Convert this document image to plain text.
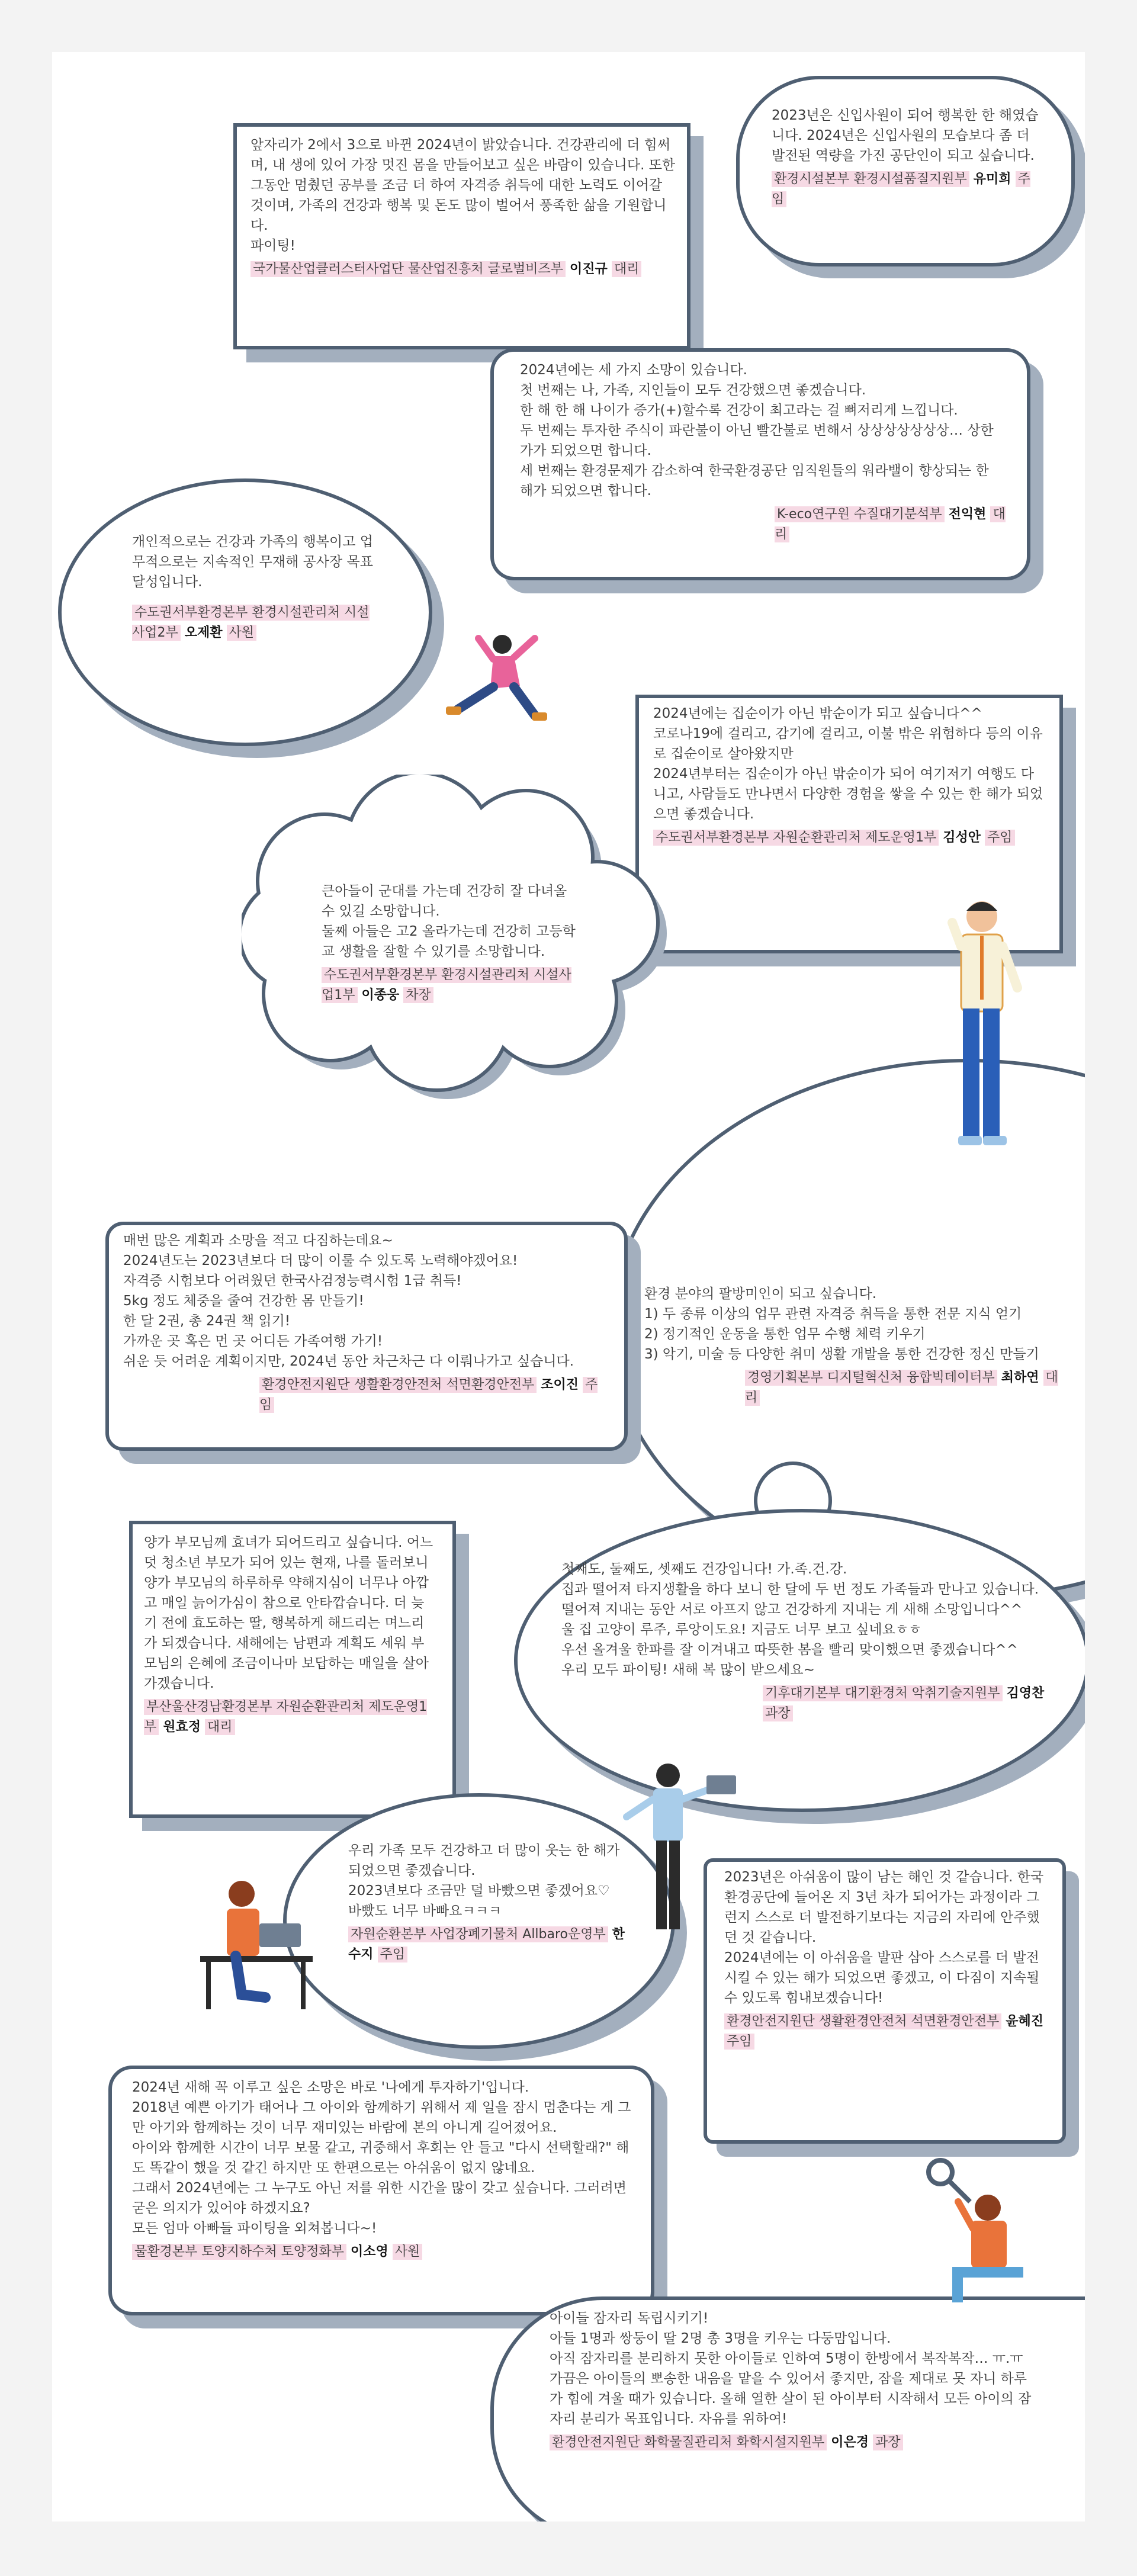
앞자리가 2에서 3으로 바뀐 2024년이 밝았습니다. 건강관리에 더 힘써며, 내 생에 있어 가장 멋진 몸을 만들어보고 싶은 바람이 있습니다. 또한 그동안 멈췄던 공부를 조금 더 하여 자격증 취득에 대한 노력도 이어갈 것이며, 가족의 건강과 행복 및 돈도 많이 벌어서 풍족한 삶을 기원합니다.

파이팅!

국가물산업클러스터사업단 물산업진흥처 글로벌비즈부 이진규 대리

2023년은 신입사원이 되어 행복한 한 해였습니다. 2024년은 신입사원의 모습보다 좀 더 발전된 역량을 가진 공단인이 되고 싶습니다.

환경시설본부 환경시설품질지원부 유미희 주임

2024년에는 세 가지 소망이 있습니다.

첫 번째는 나, 가족, 지인들이 모두 건강했으면 좋겠습니다.

한 해 한 해 나이가 증가(+)할수록 건강이 최고라는 걸 뼈저리게 느낍니다.

두 번째는 투자한 주식이 파란불이 아닌 빨간불로 변해서 상상상상상상상… 상한가가 되었으면 합니다.

세 번째는 환경문제가 감소하여 한국환경공단 임직원들의 워라밸이 향상되는 한 해가 되었으면 합니다.

K-eco연구원 수질대기분석부 전익현 대리

개인적으로는 건강과 가족의 행복이고 업무적으로는 지속적인 무재해 공사장 목표 달성입니다.

수도권서부환경본부 환경시설관리처 시설사업2부 오제환 사원

2024년에는 집순이가 아닌 밖순이가 되고 싶습니다^^

코로나19에 걸리고, 감기에 걸리고, 이불 밖은 위험하다 등의 이유로 집순이로 살아왔지만

2024년부터는 집순이가 아닌 밖순이가 되어 여기저기 여행도 다니고, 사람들도 만나면서 다양한 경험을 쌓을 수 있는 한 해가 되었으면 좋겠습니다.

수도권서부환경본부 자원순환관리처 제도운영1부 김성안 주임

큰아들이 군대를 가는데 건강히 잘 다녀올 수 있길 소망합니다.

둘째 아들은 고2 올라가는데 건강히 고등학교 생활을 잘할 수 있기를 소망합니다.

수도권서부환경본부 환경시설관리처 시설사업1부 이종웅 차장

매번 많은 계획과 소망을 적고 다짐하는데요~

2024년도는 2023년보다 더 많이 이룰 수 있도록 노력해야겠어요!

자격증 시험보다 어려웠던 한국사검정능력시험 1급 취득!

5kg 정도 체중을 줄여 건강한 몸 만들기!

한 달 2권, 총 24권 책 읽기!

가까운 곳 혹은 먼 곳 어디든 가족여행 가기!

쉬운 듯 어려운 계획이지만, 2024년 동안 차근차근 다 이뤄나가고 싶습니다.

환경안전지원단 생활환경안전처 석면환경안전부 조이진 주임

환경 분야의 팔방미인이 되고 싶습니다.

1) 두 종류 이상의 업무 관련 자격증 취득을 통한 전문 지식 얻기

2) 정기적인 운동을 통한 업무 수행 체력 키우기

3) 악기, 미술 등 다양한 취미 생활 개발을 통한 건강한 정신 만들기

경영기획본부 디지털혁신처 융합빅데이터부 최하연 대리

양가 부모님께 효녀가 되어드리고 싶습니다. 어느덧 청소년 부모가 되어 있는 현재, 나를 돌러보니 양가 부모님의 하루하루 약해지심이 너무나 아깝고 매일 늙어가심이 참으로 안타깝습니다. 더 늦기 전에 효도하는 딸, 행복하게 해드리는 며느리가 되겠습니다. 새해에는 남편과 계획도 세워 부모님의 은혜에 조금이나마 보답하는 매일을 살아가겠습니다.

부산울산경남환경본부 자원순환관리처 제도운영1부 원효정 대리

첫째도, 둘째도, 셋째도 건강입니다! 가.족.건.강.

집과 떨어져 타지생활을 하다 보니 한 달에 두 번 정도 가족들과 만나고 있습니다.

떨어져 지내는 동안 서로 아프지 않고 건강하게 지내는 게 새해 소망입니다^^

울 집 고양이 루주, 루앙이도요! 지금도 너무 보고 싶네요ㅎㅎ

우선 올겨울 한파를 잘 이겨내고 따뜻한 봄을 빨리 맞이했으면 좋겠습니다^^

우리 모두 파이팅! 새해 복 많이 받으세요~

기후대기본부 대기환경처 악취기술지원부 김영찬 과장

우리 가족 모두 건강하고 더 많이 웃는 한 해가 되었으면 좋겠습니다.

2023년보다 조금만 덜 바빴으면 좋겠어요♡

바빴도 너무 바빠요ㅋㅋㅋ

자원순환본부 사업장폐기물처 Allbaro운영부 한수지 주임

2023년은 아쉬움이 많이 남는 해인 것 같습니다. 한국환경공단에 들어온 지 3년 차가 되어가는 과정이라 그런지 스스로 더 발전하기보다는 지금의 자리에 안주했던 것 같습니다.

2024년에는 이 아쉬움을 발판 삼아 스스로를 더 발전시킬 수 있는 해가 되었으면 좋겠고, 이 다짐이 지속될 수 있도록 힘내보겠습니다!

환경안전지원단 생활환경안전처 석면환경안전부 윤혜진 주임

2024년 새해 꼭 이루고 싶은 소망은 바로 '나에게 투자하기'입니다.

2018년 예쁜 아기가 태어나 그 아이와 함께하기 위해서 제 일을 잠시 멈춘다는 게 그만 아기와 함께하는 것이 너무 재미있는 바람에 본의 아니게 길어졌어요.

아이와 함께한 시간이 너무 보물 같고, 귀중해서 후회는 안 들고 "다시 선택할래?" 해도 똑같이 했을 것 같긴 하지만 또 한편으로는 아쉬움이 없지 않네요.

그래서 2024년에는 그 누구도 아닌 저를 위한 시간을 많이 갖고 싶습니다. 그러려면 굳은 의지가 있어야 하겠지요?

모든 엄마 아빠들 파이팅을 외쳐봅니다~!

물환경본부 토양지하수처 토양정화부 이소영 사원

아이들 잠자리 독립시키기!

아들 1명과 쌍둥이 딸 2명 총 3명을 키우는 다둥맘입니다.

아직 잠자리를 분리하지 못한 아이들로 인하여 5명이 한방에서 복작복작… ㅠ.ㅠ

가끔은 아이들의 뽀송한 내음을 맡을 수 있어서 좋지만, 잠을 제대로 못 자니 하루가 힘에 겨울 때가 있습니다. 올해 열한 살이 된 아이부터 시작해서 모든 아이의 잠자리 분리가 목표입니다. 자유를 위하여!

환경안전지원단 화학물질관리처 화학시설지원부 이은경 과장
